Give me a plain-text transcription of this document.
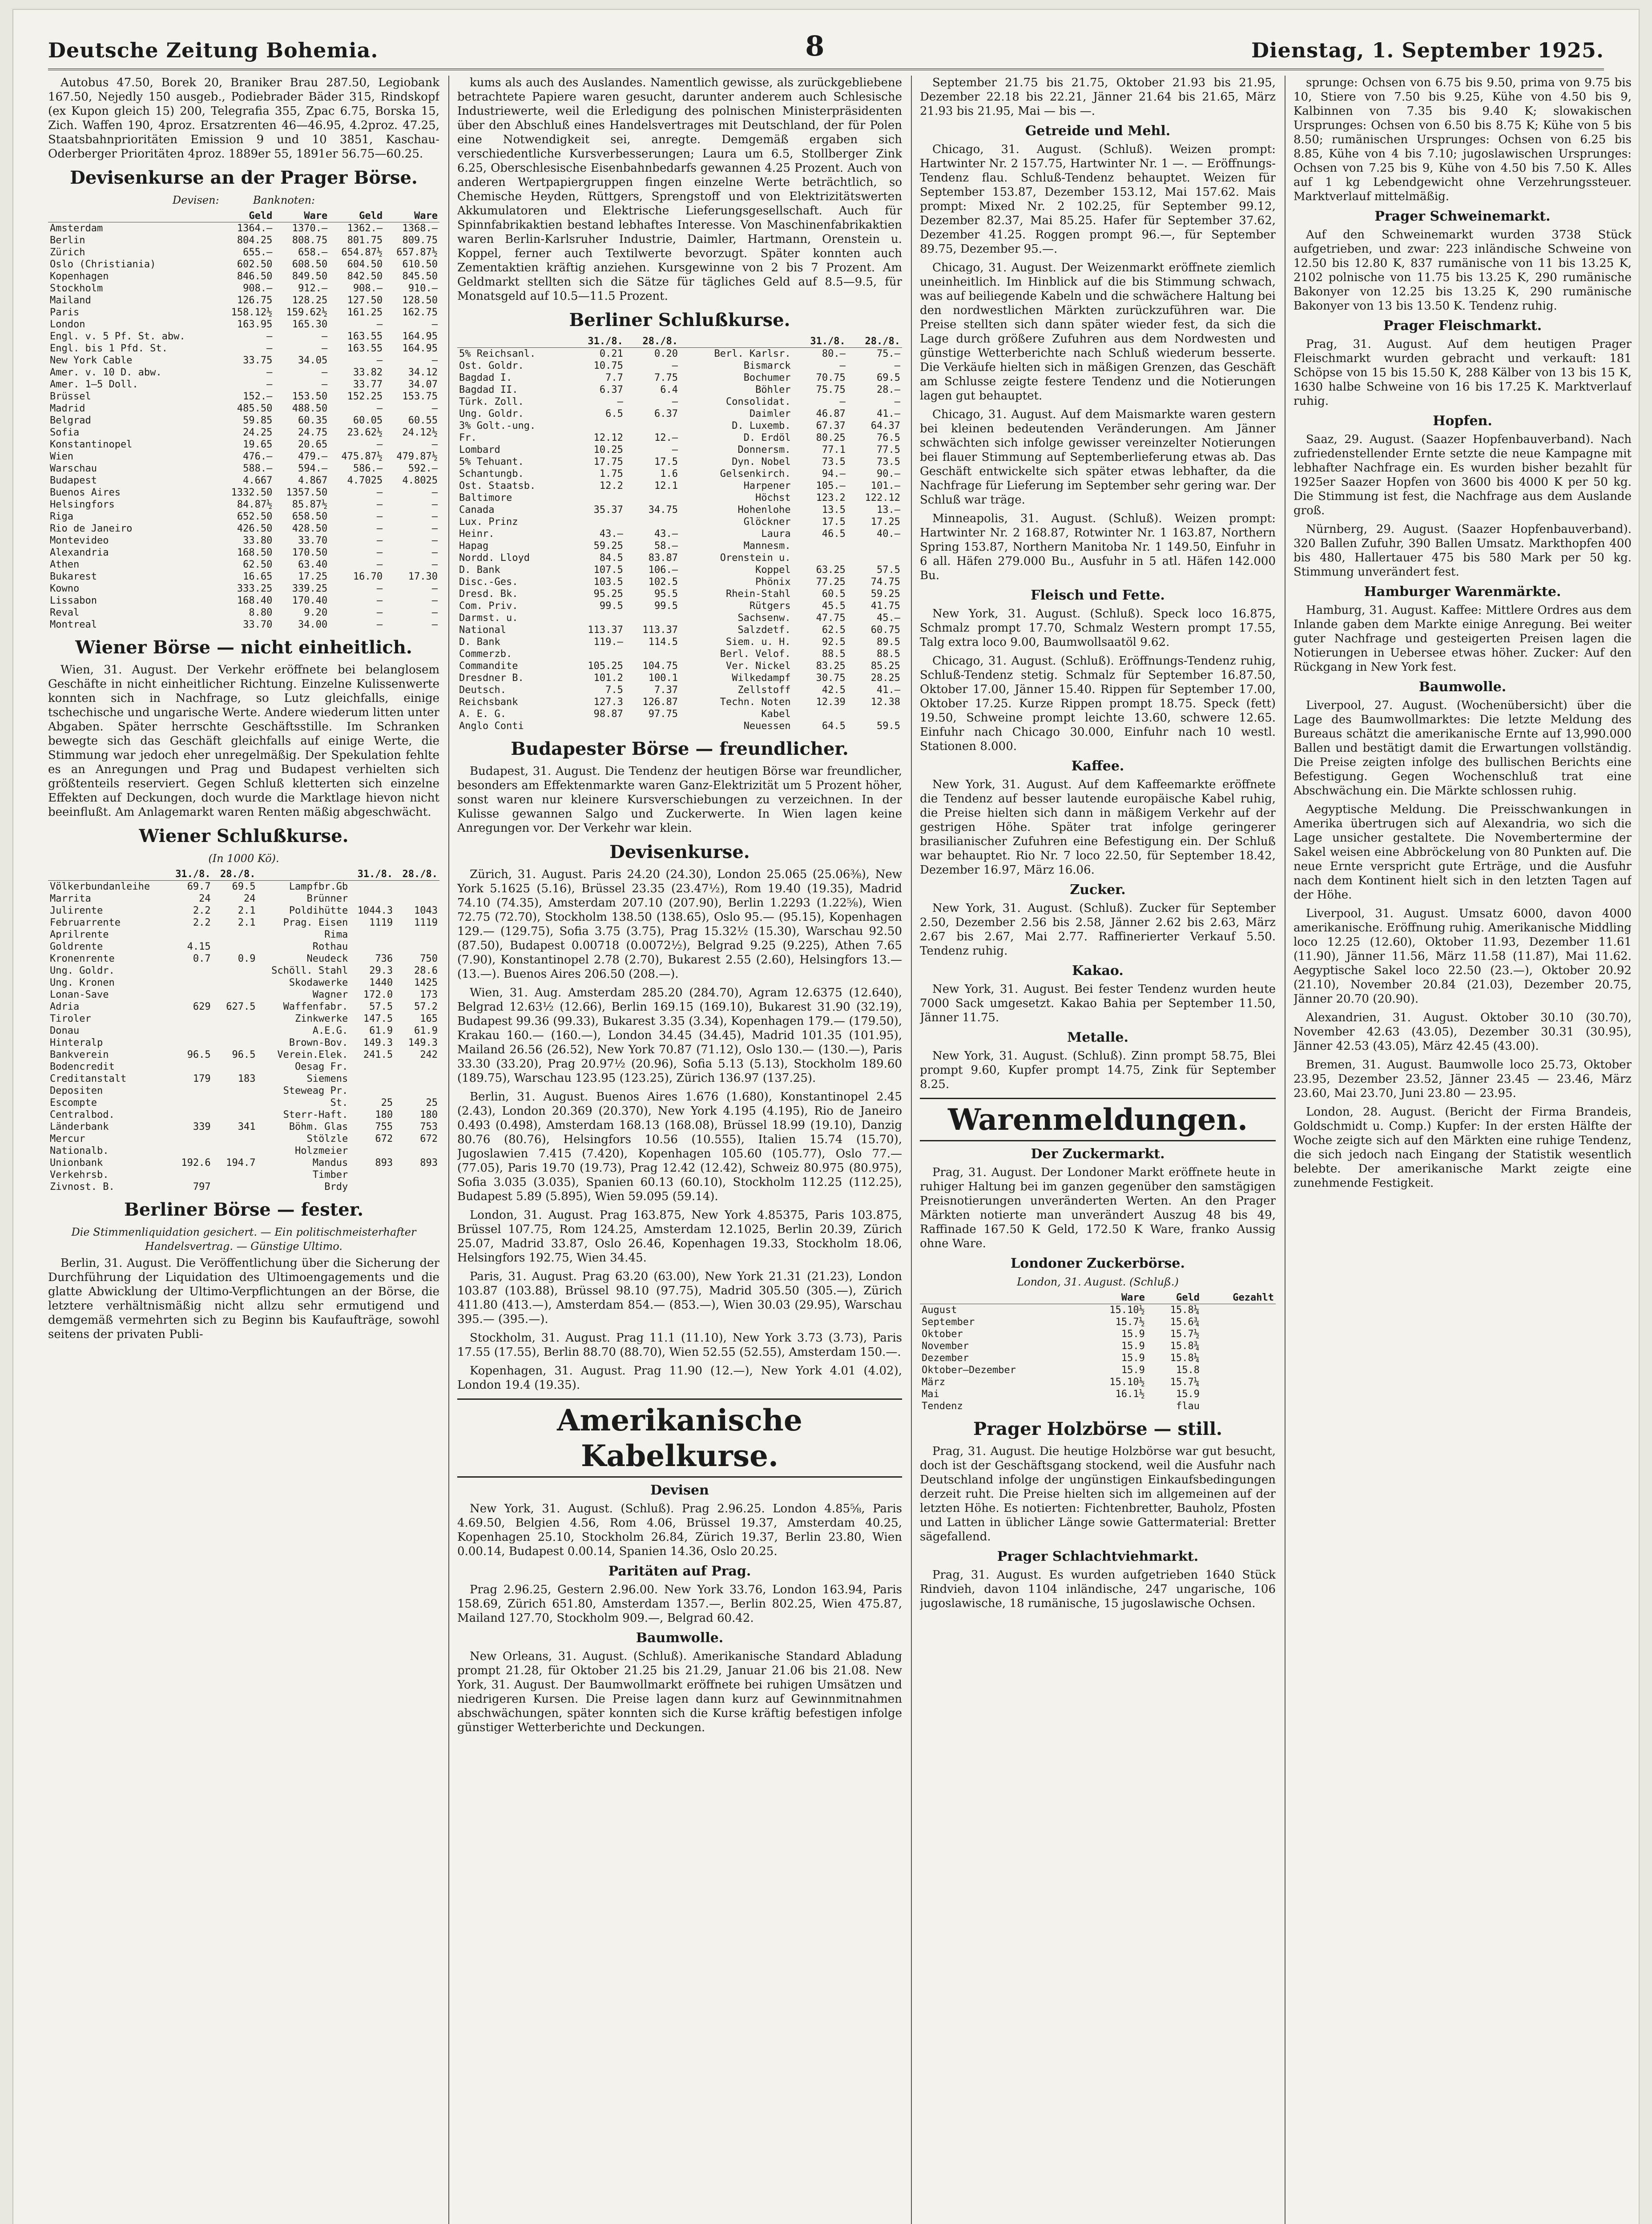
Deutsche Zeitung Bohemia.	8	Dienstag, 1. September 1925.

Autobus 47.50, Borek 20, Braniker Brau 287.50, Legiobank 167.50, Nejedly 150 ausgeb., Podiebrader Bäder 315, Rindskopf (ex Kupon gleich 15) 200, Telegrafia 355, Zpac 6.75, Borska 15, Zich. Waffen 190, 4proz. Ersatzrenten 46—46.95, 4.2proz. 47.25, Staatsbahnprioritäten Emission 9 und 10 3851, Kaschau-Oderberger Prioritäten 4proz. 1889er 55, 1891er 56.75—60.25.

Devisenkurse an der Prager Börse.
Devisen:	Banknoten:
	Geld	Ware	Geld	Ware
Amsterdam	1364.—	1370.—	1362.—	1368.—
Berlin	804.25	808.75	801.75	809.75
Zürich	655.—	658.—	654.87½	657.87½
Oslo (Christiania)	602.50	608.50	604.50	610.50
Kopenhagen	846.50	849.50	842.50	845.50
Stockholm	908.—	912.—	908.—	910.—
Mailand	126.75	128.25	127.50	128.50
Paris	158.12½	159.62½	161.25	162.75
London	163.95	165.30	—	—
Engl. v. 5 Pf. St. abw.	—	—	163.55	164.95
Engl. bis 1 Pfd. St.	—	—	163.55	164.95
New York Cable	33.75	34.05	—	—
Amer. v. 10 D. abw.	—	—	33.82	34.12
Amer. 1—5 Doll.	—	—	33.77	34.07
Brüssel	152.—	153.50	152.25	153.75
Madrid	485.50	488.50	—	—
Belgrad	59.85	60.35	60.05	60.55
Sofia	24.25	24.75	23.62½	24.12½
Konstantinopel	19.65	20.65	—	—
Wien	476.—	479.—	475.87½	479.87½
Warschau	588.—	594.—	586.—	592.—
Budapest	4.667	4.867	4.7025	4.8025
Buenos Aires	1332.50	1357.50	—	—
Helsingfors	84.87½	85.87½	—	—
Riga	652.50	658.50	—	—
Rio de Janeiro	426.50	428.50	—	—
Montevideo	33.80	33.70	—	—
Alexandria	168.50	170.50	—	—
Athen	62.50	63.40	—	—
Bukarest	16.65	17.25	16.70	17.30
Kowno	333.25	339.25	—	—
Lissabon	168.40	170.40	—	—
Reval	8.80	9.20	—	—
Montreal	33.70	34.00	—	—
Wiener Börse — nicht einheitlich.

Wien, 31. August. Der Verkehr eröffnete bei belanglosem Geschäfte in nicht einheitlicher Richtung. Einzelne Kulissenwerte konnten sich in Nachfrage, so Lutz gleichfalls, einige tschechische und ungarische Werte. Andere wiederum litten unter Abgaben. Später herrschte Geschäftsstille. Im Schranken bewegte sich das Geschäft gleichfalls auf einige Werte, die Stimmung war jedoch eher unregelmäßig. Der Spekulation fehlte es an Anregungen und Prag und Budapest verhielten sich größtenteils reserviert. Gegen Schluß kletterten sich einzelne Effekten auf Deckungen, doch wurde die Marktlage hievon nicht beeinflußt. Am Anlagemarkt waren Renten mäßig abgeschwächt.

Wiener Schlußkurse.
(In 1000 Kö).
	31./8.	28./8.		31./8.	28./8.
Völkerbundanleihe	69.7	69.5	Lampfbr.Gb		
Marrita	24	24	Brünner		
Julirente	2.2	2.1	Poldihütte	1044.3	1043
Februarrente	2.2	2.1	Prag. Eisen	1119	1119
Aprilrente			Rima		
Goldrente	4.15		Rothau		
Kronenrente	0.7	0.9	Neudeck	736	750
Ung. Goldr.			Schöll. Stahl	29.3	28.6
Ung. Kronen			Skodawerke	1440	1425
Lonan-Save			Wagner	172.0	173
Adria	629	627.5	Waffenfabr.	57.5	57.2
Tiroler			Zinkwerke	147.5	165
Donau			A.E.G.	61.9	61.9
Hinteralp			Brown-Bov.	149.3	149.3
Bankverein	96.5	96.5	Verein.Elek.	241.5	242
Bodencredit			Oesag Fr.		
Creditanstalt	179	183	Siemens		
Depositen			Steweag Pr.		
Escompte			St.	25	25
Centralbod.			Sterr-Haft.	180	180
Länderbank	339	341	Böhm. Glas	755	753
Mercur			Stölzle	672	672
Nationalb.			Holzmeier		
Unionbank	192.6	194.7	Mandus	893	893
Verkehrsb.			Timber		
Zivnost. B.	797		Brdy		
Berliner Börse — fester.
Die Stimmenliquidation gesichert. — Ein politischmeisterhafter Handelsvertrag. — Günstige Ultimo.

Berlin, 31. August. Die Veröffentlichung über die Sicherung der Durchführung der Liquidation des Ultimoengagements und die glatte Abwicklung der Ultimo-Verpflichtungen an der Börse, die letztere verhältnismäßig nicht allzu sehr ermutigend und demgemäß vermehrten sich zu Beginn bis Kaufaufträge, sowohl seitens der privaten Publi-

kums als auch des Auslandes. Namentlich gewisse, als zurückgebliebene betrachtete Papiere waren gesucht, darunter anderem auch Schlesische Industriewerte, weil die Erledigung des polnischen Ministerpräsidenten über den Abschluß eines Handelsvertrages mit Deutschland, der für Polen eine Notwendigkeit sei, anregte. Demgemäß ergaben sich verschiedentliche Kursverbesserungen; Laura um 6.5, Stollberger Zink 6.25, Oberschlesische Eisenbahnbedarfs gewannen 4.25 Prozent. Auch von anderen Wertpapiergruppen fingen einzelne Werte beträchtlich, so Chemische Heyden, Rüttgers, Sprengstoff und von Elektrizitätswerten Akkumulatoren und Elektrische Lieferungsgesellschaft. Auch für Spinnfabrikaktien bestand lebhaftes Interesse. Von Maschinenfabrikaktien waren Berlin-Karlsruher Industrie, Daimler, Hartmann, Orenstein u. Koppel, ferner auch Textilwerte bevorzugt. Später konnten auch Zementaktien kräftig anziehen. Kursgewinne von 2 bis 7 Prozent. Am Geldmarkt stellten sich die Sätze für tägliches Geld auf 8.5—9.5, für Monatsgeld auf 10.5—11.5 Prozent.

Berliner Schlußkurse.
	31./8.	28./8.		31./8.	28./8.
5% Reichsanl.	0.21	0.20	Berl. Karlsr.	80.—	75.—
Ost. Goldr.	10.75	—	Bismarck	—	—
Bagdad I.	7.7	7.75	Bochumer	70.75	69.5
Bagdad II.	6.37	6.4	Böhler	75.75	28.—
Türk. Zoll.	—	—	Consolidat.	—	—
Ung. Goldr.	6.5	6.37	Daimler	46.87	41.—
3% Golt.-ung.			D. Luxemb.	67.37	64.37
Fr.	12.12	12.—	D. Erdöl	80.25	76.5
Lombard	10.25	—	Donnersm.	77.1	77.5
5% Tehuant.	17.75	17.5	Dyn. Nobel	73.5	73.5
Schantungb.	1.75	1.6	Gelsenkirch.	94.—	90.—
Ost. Staatsb.	12.2	12.1	Harpener	105.—	101.—
Baltimore			Höchst	123.2	122.12
Canada	35.37	34.75	Hohenlohe	13.5	13.—
Lux. Prinz			Glöckner	17.5	17.25
Heinr.	43.—	43.—	Laura	46.5	40.—
Hapag	59.25	58.—	Mannesm.		
Nordd. Lloyd	84.5	83.87	Orenstein u.		
D. Bank	107.5	106.—	Koppel	63.25	57.5
Disc.-Ges.	103.5	102.5	Phönix	77.25	74.75
Dresd. Bk.	95.25	95.5	Rhein-Stahl	60.5	59.25
Com. Priv.	99.5	99.5	Rütgers	45.5	41.75
Darmst. u.			Sachsenw.	47.75	45.—
National	113.37	113.37	Salzdetf.	62.5	60.75
D. Bank	119.—	114.5	Siem. u. H.	92.5	89.5
Commerzb.			Berl. Velof.	88.5	88.5
Commandite	105.25	104.75	Ver. Nickel	83.25	85.25
Dresdner B.	101.2	100.1	Wilkedampf	30.75	28.25
Deutsch.	7.5	7.37	Zellstoff	42.5	41.—
Reichsbank	127.3	126.87	Techn. Noten	12.39	12.38
A. E. G.	98.87	97.75	Kabel		
Anglo Conti			Neuessen	64.5	59.5
Budapester Börse — freundlicher.

Budapest, 31. August. Die Tendenz der heutigen Börse war freundlicher, besonders am Effektenmarkte waren Ganz-Elektrizität um 5 Prozent höher, sonst waren nur kleinere Kursverschiebungen zu verzeichnen. In der Kulisse gewannen Salgo und Zuckerwerte. In Wien lagen keine Anregungen vor. Der Verkehr war klein.

Devisenkurse.

Zürich, 31. August. Paris 24.20 (24.30), London 25.065 (25.06⅜), New York 5.1625 (5.16), Brüssel 23.35 (23.47½), Rom 19.40 (19.35), Madrid 74.10 (74.35), Amsterdam 207.10 (207.90), Berlin 1.2293 (1.22⅝), Wien 72.75 (72.70), Stockholm 138.50 (138.65), Oslo 95.— (95.15), Kopenhagen 129.— (129.75), Sofia 3.75 (3.75), Prag 15.32½ (15.30), Warschau 92.50 (87.50), Budapest 0.00718 (0.0072½), Belgrad 9.25 (9.225), Athen 7.65 (7.90), Konstantinopel 2.78 (2.70), Bukarest 2.55 (2.60), Helsingfors 13.— (13.—). Buenos Aires 206.50 (208.—).

Wien, 31. Aug. Amsterdam 285.20 (284.70), Agram 12.6375 (12.640), Belgrad 12.63½ (12.66), Berlin 169.15 (169.10), Bukarest 31.90 (32.19), Budapest 99.36 (99.33), Bukarest 3.35 (3.34), Kopenhagen 179.— (179.50), Krakau 160.— (160.—), London 34.45 (34.45), Madrid 101.35 (101.95), Mailand 26.56 (26.52), New York 70.87 (71.12), Oslo 130.— (130.—), Paris 33.30 (33.20), Prag 20.97½ (20.96), Sofia 5.13 (5.13), Stockholm 189.60 (189.75), Warschau 123.95 (123.25), Zürich 136.97 (137.25).

Berlin, 31. August. Buenos Aires 1.676 (1.680), Konstantinopel 2.45 (2.43), London 20.369 (20.370), New York 4.195 (4.195), Rio de Janeiro 0.493 (0.498), Amsterdam 168.13 (168.08), Brüssel 18.99 (19.10), Danzig 80.76 (80.76), Helsingfors 10.56 (10.555), Italien 15.74 (15.70), Jugoslawien 7.415 (7.420), Kopenhagen 105.60 (105.77), Oslo 77.— (77.05), Paris 19.70 (19.73), Prag 12.42 (12.42), Schweiz 80.975 (80.975), Sofia 3.035 (3.035), Spanien 60.13 (60.10), Stockholm 112.25 (112.25), Budapest 5.89 (5.895), Wien 59.095 (59.14).

London, 31. August. Prag 163.875, New York 4.85375, Paris 103.875, Brüssel 107.75, Rom 124.25, Amsterdam 12.1025, Berlin 20.39, Zürich 25.07, Madrid 33.87, Oslo 26.46, Kopenhagen 19.33, Stockholm 18.06, Helsingfors 192.75, Wien 34.45.

Paris, 31. August. Prag 63.20 (63.00), New York 21.31 (21.23), London 103.87 (103.88), Brüssel 98.10 (97.75), Madrid 305.50 (305.—), Zürich 411.80 (413.—), Amsterdam 854.— (853.—), Wien 30.03 (29.95), Warschau 395.— (395.—).

Stockholm, 31. August. Prag 11.1 (11.10), New York 3.73 (3.73), Paris 17.55 (17.55), Berlin 88.70 (88.70), Wien 52.55 (52.55), Amsterdam 150.—.

Kopenhagen, 31. August. Prag 11.90 (12.—), New York 4.01 (4.02), London 19.4 (19.35).

Amerikanische Kabelkurse.
Devisen

New York, 31. August. (Schluß). Prag 2.96.25. London 4.85⅝, Paris 4.69.50, Belgien 4.56, Rom 4.06, Brüssel 19.37, Amsterdam 40.25, Kopenhagen 25.10, Stockholm 26.84, Zürich 19.37, Berlin 23.80, Wien 0.00.14, Budapest 0.00.14, Spanien 14.36, Oslo 20.25.

Paritäten auf Prag.

Prag 2.96.25, Gestern 2.96.00. New York 33.76, London 163.94, Paris 158.69, Zürich 651.80, Amsterdam 1357.—, Berlin 802.25, Wien 475.87, Mailand 127.70, Stockholm 909.—, Belgrad 60.42.

Baumwolle.

New Orleans, 31. August. (Schluß). Amerikanische Standard Abladung prompt 21.28, für Oktober 21.25 bis 21.29, Januar 21.06 bis 21.08. New York, 31. August. Der Baumwollmarkt eröffnete bei ruhigen Umsätzen und niedrigeren Kursen. Die Preise lagen dann kurz auf Gewinnmitnahmen abschwächungen, später konnten sich die Kurse kräftig befestigen infolge günstiger Wetterberichte und Deckungen.

September 21.75 bis 21.75, Oktober 21.93 bis 21.95, Dezember 22.18 bis 22.21, Jänner 21.64 bis 21.65, März 21.93 bis 21.95, Mai — bis —.

Getreide und Mehl.

Chicago, 31. August. (Schluß). Weizen prompt: Hartwinter Nr. 2 157.75, Hartwinter Nr. 1 —. — Eröffnungs-Tendenz flau. Schluß-Tendenz behauptet. Weizen für September 153.87, Dezember 153.12, Mai 157.62. Mais prompt: Mixed Nr. 2 102.25, für September 99.12, Dezember 82.37, Mai 85.25. Hafer für September 37.62, Dezember 41.25. Roggen prompt 96.—, für September 89.75, Dezember 95.—.

Chicago, 31. August. Der Weizenmarkt eröffnete ziemlich uneinheitlich. Im Hinblick auf die bis Stimmung schwach, was auf beiliegende Kabeln und die schwächere Haltung bei den nordwestlichen Märkten zurückzuführen war. Die Preise stellten sich dann später wieder fest, da sich die Lage durch größere Zufuhren aus dem Nordwesten und günstige Wetterberichte nach Schluß wiederum besserte. Die Verkäufe hielten sich in mäßigen Grenzen, das Geschäft am Schlusse zeigte festere Tendenz und die Notierungen lagen gut behauptet.

Chicago, 31. August. Auf dem Maismarkte waren gestern bei kleinen bedeutenden Veränderungen. Am Jänner schwächten sich infolge gewisser vereinzelter Notierungen bei flauer Stimmung auf Septemberlieferung etwas ab. Das Geschäft entwickelte sich später etwas lebhafter, da die Nachfrage für Lieferung im September sehr gering war. Der Schluß war träge.

Minneapolis, 31. August. (Schluß). Weizen prompt: Hartwinter Nr. 2 168.87, Rotwinter Nr. 1 163.87, Northern Spring 153.87, Northern Manitoba Nr. 1 149.50, Einfuhr in 6 all. Häfen 279.000 Bu., Ausfuhr in 5 atl. Häfen 142.000 Bu.

Fleisch und Fette.

New York, 31. August. (Schluß). Speck loco 16.875, Schmalz prompt 17.70, Schmalz Western prompt 17.55, Talg extra loco 9.00, Baumwollsaatöl 9.62.

Chicago, 31. August. (Schluß). Eröffnungs-Tendenz ruhig, Schluß-Tendenz stetig. Schmalz für September 16.87.50, Oktober 17.00, Jänner 15.40. Rippen für September 17.00, Oktober 17.25. Kurze Rippen prompt 18.75. Speck (fett) 19.50, Schweine prompt leichte 13.60, schwere 12.65. Einfuhr nach Chicago 30.000, Einfuhr nach 10 westl. Stationen 8.000.

Kaffee.

New York, 31. August. Auf dem Kaffeemarkte eröffnete die Tendenz auf besser lautende europäische Kabel ruhig, die Preise hielten sich dann in mäßigem Verkehr auf der gestrigen Höhe. Später trat infolge geringerer brasilianischer Zufuhren eine Befestigung ein. Der Schluß war behauptet. Rio Nr. 7 loco 22.50, für September 18.42, Dezember 16.97, März 16.06.

Zucker.

New York, 31. August. (Schluß). Zucker für September 2.50, Dezember 2.56 bis 2.58, Jänner 2.62 bis 2.63, März 2.67 bis 2.67, Mai 2.77. Raffinerierter Verkauf 5.50. Tendenz ruhig.

Kakao.

New York, 31. August. Bei fester Tendenz wurden heute 7000 Sack umgesetzt. Kakao Bahia per September 11.50, Jänner 11.75.

Metalle.

New York, 31. August. (Schluß). Zinn prompt 58.75, Blei prompt 9.60, Kupfer prompt 14.75, Zink für September 8.25.

Warenmeldungen.
Der Zuckermarkt.

Prag, 31. August. Der Londoner Markt eröffnete heute in ruhiger Haltung bei im ganzen gegenüber den samstägigen Preisnotierungen unveränderten Werten. An den Prager Märkten notierte man unverändert Auszug 48 bis 49, Raffinade 167.50 K Geld, 172.50 K Ware, franko Aussig ohne Ware.

Londoner Zuckerbörse.
London, 31. August. (Schluß.)
	Ware	Geld	Gezahlt
August	15.10½	15.8¼	
September	15.7½	15.6¾	
Oktober	15.9	15.7½	
November	15.9	15.8¾	
Dezember	15.9	15.8¼	
Oktober—Dezember	15.9	15.8	
März	15.10½	15.7¼	
Mai	16.1½	15.9	
Tendenz		flau	
Prager Holzbörse — still.

Prag, 31. August. Die heutige Holzbörse war gut besucht, doch ist der Geschäftsgang stockend, weil die Ausfuhr nach Deutschland infolge der ungünstigen Einkaufsbedingungen derzeit ruht. Die Preise hielten sich im allgemeinen auf der letzten Höhe. Es notierten: Fichtenbretter, Bauholz, Pfosten und Latten in üblicher Länge sowie Gattermaterial: Bretter sägefallend.

Prager Schlachtviehmarkt.

Prag, 31. August. Es wurden aufgetrieben 1640 Stück Rindvieh, davon 1104 inländische, 247 ungarische, 106 jugoslawische, 18 rumänische, 15 jugoslawische Ochsen.

sprunge: Ochsen von 6.75 bis 9.50, prima von 9.75 bis 10, Stiere von 7.50 bis 9.25, Kühe von 4.50 bis 9, Kalbinnen von 7.35 bis 9.40 K; slowakischen Ursprunges: Ochsen von 6.50 bis 8.75 K; Kühe von 5 bis 8.50; rumänischen Ursprunges: Ochsen von 6.25 bis 8.85, Kühe von 4 bis 7.10; jugoslawischen Ursprunges: Ochsen von 7.25 bis 9, Kühe von 4.50 bis 7.50 K. Alles auf 1 kg Lebendgewicht ohne Verzehrungssteuer. Marktverlauf mittelmäßig.

Prager Schweinemarkt.

Auf den Schweinemarkt wurden 3738 Stück aufgetrieben, und zwar: 223 inländische Schweine von 12.50 bis 12.80 K, 837 rumänische von 11 bis 13.25 K, 2102 polnische von 11.75 bis 13.25 K, 290 rumänische Bakonyer von 12.25 bis 13.25 K, 290 rumänische Bakonyer von 13 bis 13.50 K. Tendenz ruhig.

Prager Fleischmarkt.

Prag, 31. August. Auf dem heutigen Prager Fleischmarkt wurden gebracht und verkauft: 181 Schöpse von 15 bis 15.50 K, 288 Kälber von 13 bis 15 K, 1630 halbe Schweine von 16 bis 17.25 K. Marktverlauf ruhig.

Hopfen.

Saaz, 29. August. (Saazer Hopfenbauverband). Nach zufriedenstellender Ernte setzte die neue Kampagne mit lebhafter Nachfrage ein. Es wurden bisher bezahlt für 1925er Saazer Hopfen von 3600 bis 4000 K per 50 kg. Die Stimmung ist fest, die Nachfrage aus dem Auslande groß.

Nürnberg, 29. August. (Saazer Hopfenbauverband). 320 Ballen Zufuhr, 390 Ballen Umsatz. Markthopfen 400 bis 480, Hallertauer 475 bis 580 Mark per 50 kg. Stimmung unverändert fest.

Hamburger Warenmärkte.

Hamburg, 31. August. Kaffee: Mittlere Ordres aus dem Inlande gaben dem Markte einige Anregung. Bei weiter guter Nachfrage und gesteigerten Preisen lagen die Notierungen in Uebersee etwas höher. Zucker: Auf den Rückgang in New York fest.

Baumwolle.

Liverpool, 27. August. (Wochenübersicht) über die Lage des Baumwollmarktes: Die letzte Meldung des Bureaus schätzt die amerikanische Ernte auf 13,990.000 Ballen und bestätigt damit die Erwartungen vollständig. Die Preise zeigten infolge des bullischen Berichts eine Befestigung. Gegen Wochenschluß trat eine Abschwächung ein. Die Märkte schlossen ruhig.

Aegyptische Meldung. Die Preisschwankungen in Amerika übertrugen sich auf Alexandria, wo sich die Lage unsicher gestaltete. Die Novembertermine der Sakel weisen eine Abbröckelung von 80 Punkten auf. Die neue Ernte verspricht gute Erträge, und die Ausfuhr nach dem Kontinent hielt sich in den letzten Tagen auf der Höhe.

Liverpool, 31. August. Umsatz 6000, davon 4000 amerikanische. Eröffnung ruhig. Amerikanische Middling loco 12.25 (12.60), Oktober 11.93, Dezember 11.61 (11.90), Jänner 11.56, März 11.58 (11.87), Mai 11.62. Aegyptische Sakel loco 22.50 (23.—), Oktober 20.92 (21.10), November 20.84 (21.03), Dezember 20.75, Jänner 20.70 (20.90).

Alexandrien, 31. August. Oktober 30.10 (30.70), November 42.63 (43.05), Dezember 30.31 (30.95), Jänner 42.53 (43.05), März 42.45 (43.00).

Bremen, 31. August. Baumwolle loco 25.73, Oktober 23.95, Dezember 23.52, Jänner 23.45 — 23.46, März 23.60, Mai 23.70, Juni 23.80 — 23.95.

London, 28. August. (Bericht der Firma Brandeis, Goldschmidt u. Comp.) Kupfer: In der ersten Hälfte der Woche zeigte sich auf den Märkten eine ruhige Tendenz, die sich jedoch nach Eingang der Statistik wesentlich belebte. Der amerikanische Markt zeigte eine zunehmende Festigkeit.
